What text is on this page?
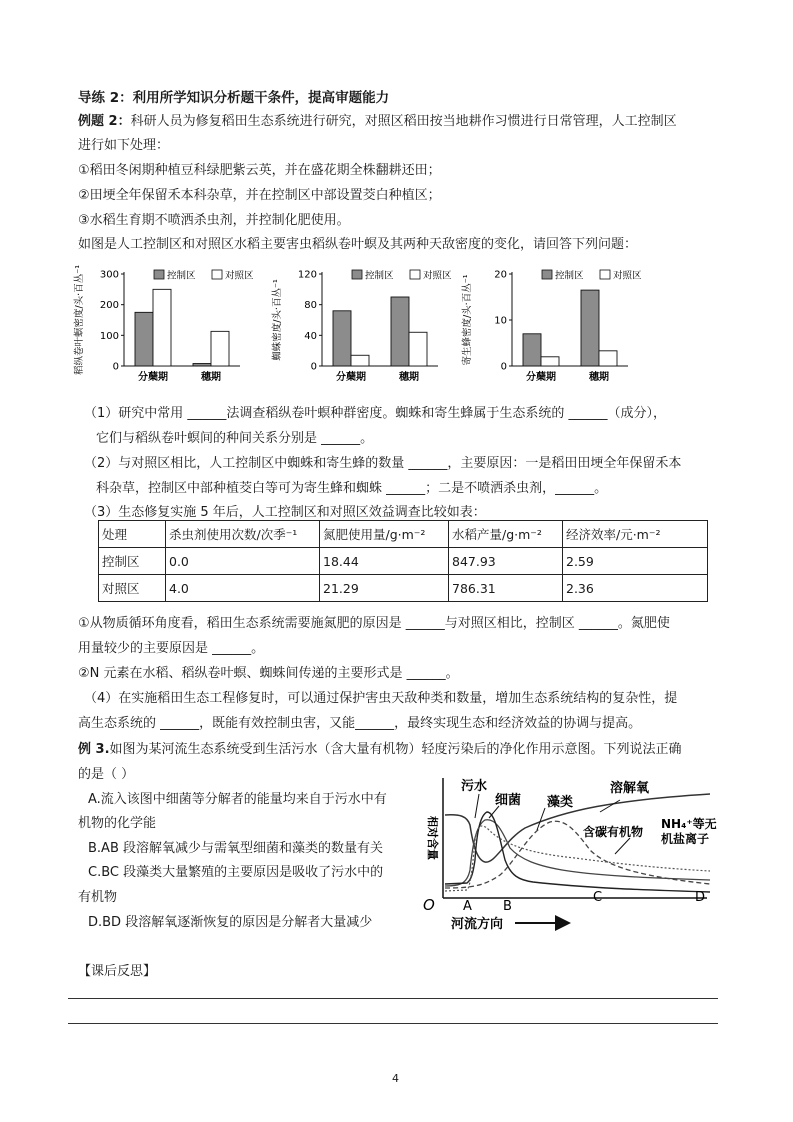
导练 2：利用所学知识分析题干条件，提高审题能力
例题 2：科研人员为修复稻田生态系统进行研究，对照区稻田按当地耕作习惯进行日常管理，人工控制区
进行如下处理：
①稻田冬闲期种植豆科绿肥紫云英，并在盛花期全株翻耕还田；
②田埂全年保留禾本科杂草，并在控制区中部设置茭白种植区；
③水稻生育期不喷洒杀虫剂，并控制化肥使用。
如图是人工控制区和对照区水稻主要害虫稻纵卷叶螟及其两种天敌密度的变化，请回答下列问题：
稻纵卷叶螟密度/头·百丛⁻¹	0
100
200
300
分蘖期	穗期
控制区	对照区
蜘蛛密度/头·百丛⁻¹
0
40
80
120
分蘖期	穗期
控制区	对照区 寄生蜂密度/头·百丛⁻¹
0
10
20
分蘖期	穗期
控制区	对照区
（1）研究中常用 ______法调查稻纵卷叶螟种群密度。蜘蛛和寄生蜂属于生态系统的 ______（成分），
它们与稻纵卷叶螟间的种间关系分别是 ______。
（2）与对照区相比，人工控制区中蜘蛛和寄生蜂的数量 ______，主要原因：一是稻田田埂全年保留禾本
科杂草，控制区中部种植茭白等可为寄生蜂和蜘蛛 ______；二是不喷洒杀虫剂，______。
（3）生态修复实施 5 年后，人工控制区和对照区效益调查比较如表：
处理	杀虫剂使用次数/次季⁻¹	氮肥使用量/g·m⁻²	水稻产量/g·m⁻²	经济效率/元·m⁻²
控制区	0.0	18.44	847.93	2.59
对照区	4.0	21.29	786.31	2.36
①从物质循环角度看，稻田生态系统需要施氮肥的原因是 ______与对照区相比，控制区 ______。氮肥使
用量较少的主要原因是 ______。
②N 元素在水稻、稻纵卷叶螟、蜘蛛间传递的主要形式是 ______。
（4）在实施稻田生态工程修复时，可以通过保护害虫天敌种类和数量，增加生态系统结构的复杂性，提
高生态系统的 ______，既能有效控制虫害，又能______，最终实现生态和经济效益的协调与提高。
例 3.如图为某河流生态系统受到生活污水（含大量有机物）轻度污染后的净化作用示意图。下列说法正确
的是（ ）
A.流入该图中细菌等分解者的能量均来自于污水中有
机物的化学能
B.AB 段溶解氧减少与需氧型细菌和藻类的数量有关
C.BC 段藻类大量繁殖的主要原因是吸收了污水中的
有机物
D.BD 段溶解氧逐渐恢复的原因是分解者大量减少
污水
细菌 藻类
溶解氧
含碳有机物
NH₄⁺等无
机盐离子
相对含量
O A B
C	D
河流方向
【课后反思】
4
